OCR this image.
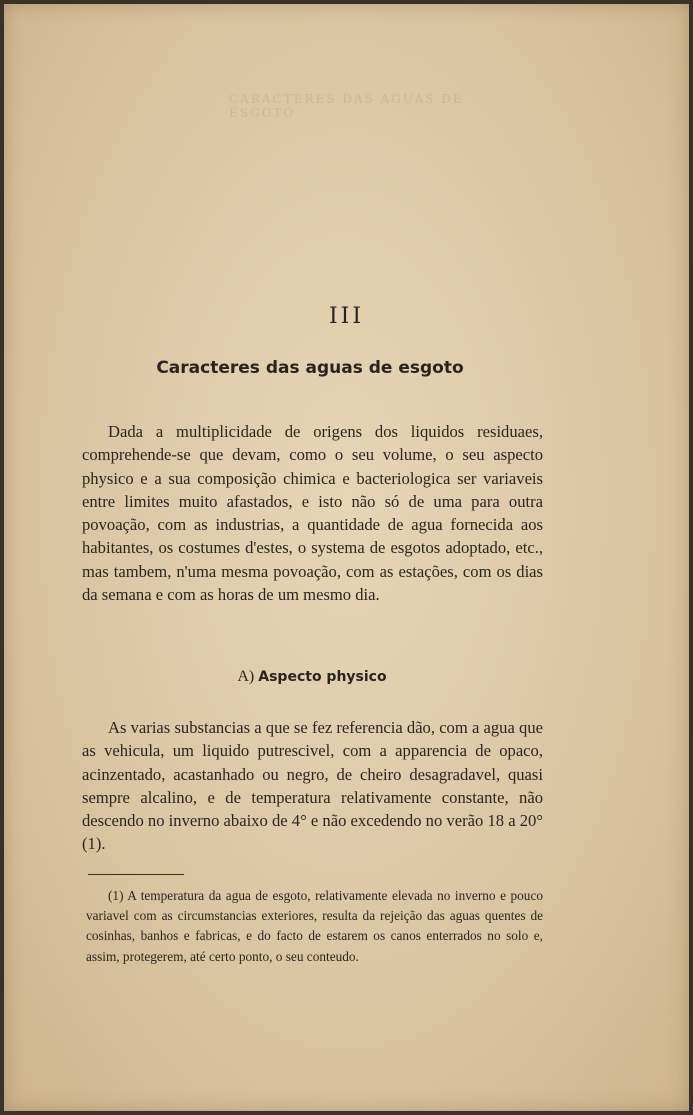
CARACTERES DAS AGUAS DE ESGOTO
III
Caracteres das aguas de esgoto

Dada a multiplicidade de origens dos liquidos residuaes, comprehende-se que devam, como o seu volume, o seu aspecto physico e a sua composição chimica e bacteriologica ser variaveis entre limites muito afastados, e isto não só de uma para outra povoação, com as industrias, a quantidade de agua fornecida aos habitantes, os costumes d'estes, o systema de esgotos adoptado, etc., mas tambem, n'uma mesma povoação, com as estações, com os dias da semana e com as horas de um mesmo dia.

A) Aspecto physico

As varias substancias a que se fez referencia dão, com a agua que as vehicula, um liquido putrescivel, com a apparencia de opaco, acinzentado, acastanhado ou negro, de cheiro desagradavel, quasi sempre alcalino, e de temperatura relativamente constante, não descendo no inverno abaixo de 4° e não excedendo no verão 18 a 20° (1).

(1) A temperatura da agua de esgoto, relativamente elevada no inverno e pouco variavel com as circumstancias exteriores, resulta da rejeição das aguas quentes de cosinhas, banhos e fabricas, e do facto de estarem os canos enterrados no solo e, assim, protegerem, até certo ponto, o seu conteudo.
